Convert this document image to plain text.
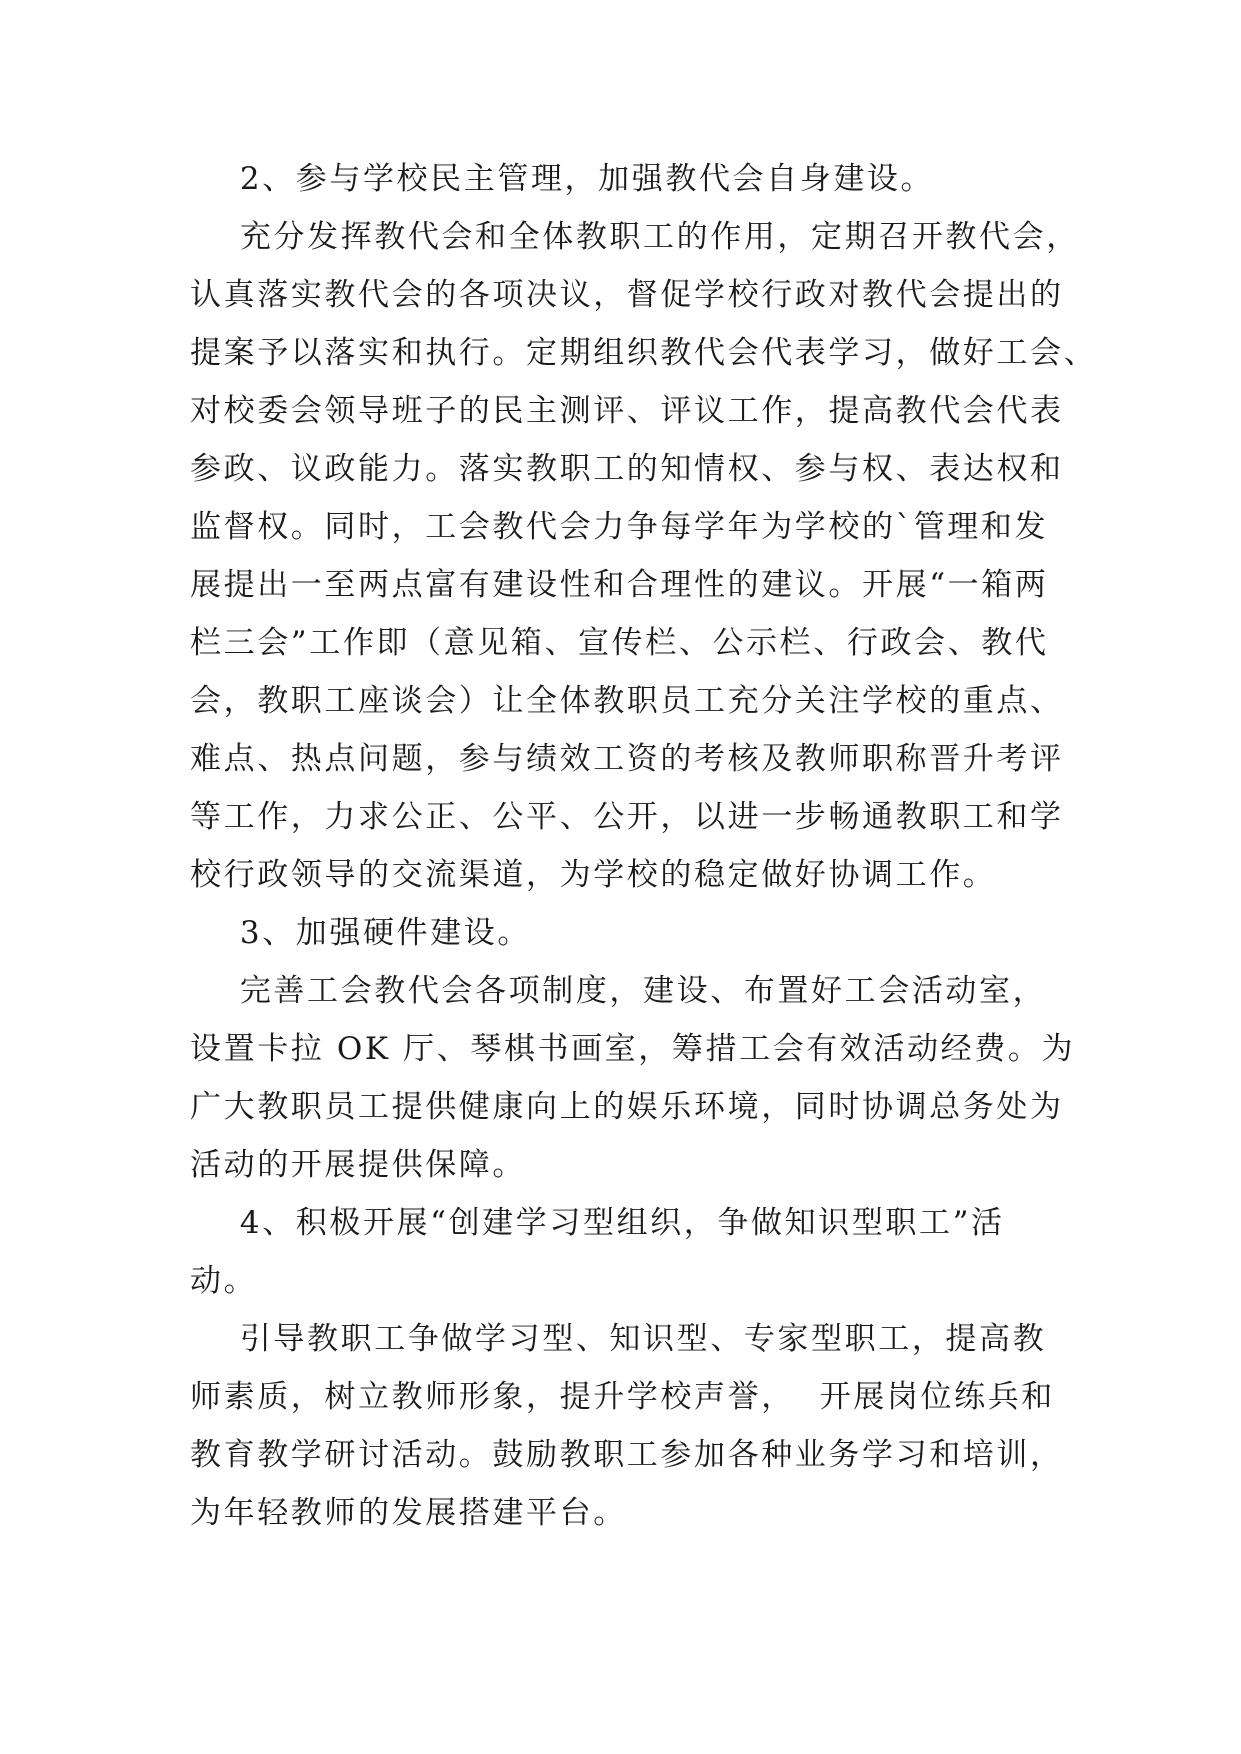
2、参与学校民主管理，加强教代会自身建设。
充分发挥教代会和全体教职工的作用，定期召开教代会，
认真落实教代会的各项决议，督促学校行政对教代会提出的
提案予以落实和执行。定期组织教代会代表学习，做好工会、
对校委会领导班子的民主测评、评议工作，提高教代会代表
参政、议政能力。落实教职工的知情权、参与权、表达权和
监督权。同时，工会教代会力争每学年为学校的`管理和发
展提出一至两点富有建设性和合理性的建议。开展“一箱两
栏三会”工作即（意见箱、宣传栏、公示栏、行政会、教代
会，教职工座谈会）让全体教职员工充分关注学校的重点、
难点、热点问题，参与绩效工资的考核及教师职称晋升考评
等工作，力求公正、公平、公开，以进一步畅通教职工和学
校行政领导的交流渠道，为学校的稳定做好协调工作。
3、加强硬件建设。
完善工会教代会各项制度，建设、布置好工会活动室，
设置卡拉 OK 厅、琴棋书画室，筹措工会有效活动经费。为
广大教职员工提供健康向上的娱乐环境，同时协调总务处为
活动的开展提供保障。
4、积极开展“创建学习型组织，争做知识型职工”活
动。
引导教职工争做学习型、知识型、专家型职工，提高教
师素质，树立教师形象，提升学校声誉，  开展岗位练兵和
教育教学研讨活动。鼓励教职工参加各种业务学习和培训，
为年轻教师的发展搭建平台。
